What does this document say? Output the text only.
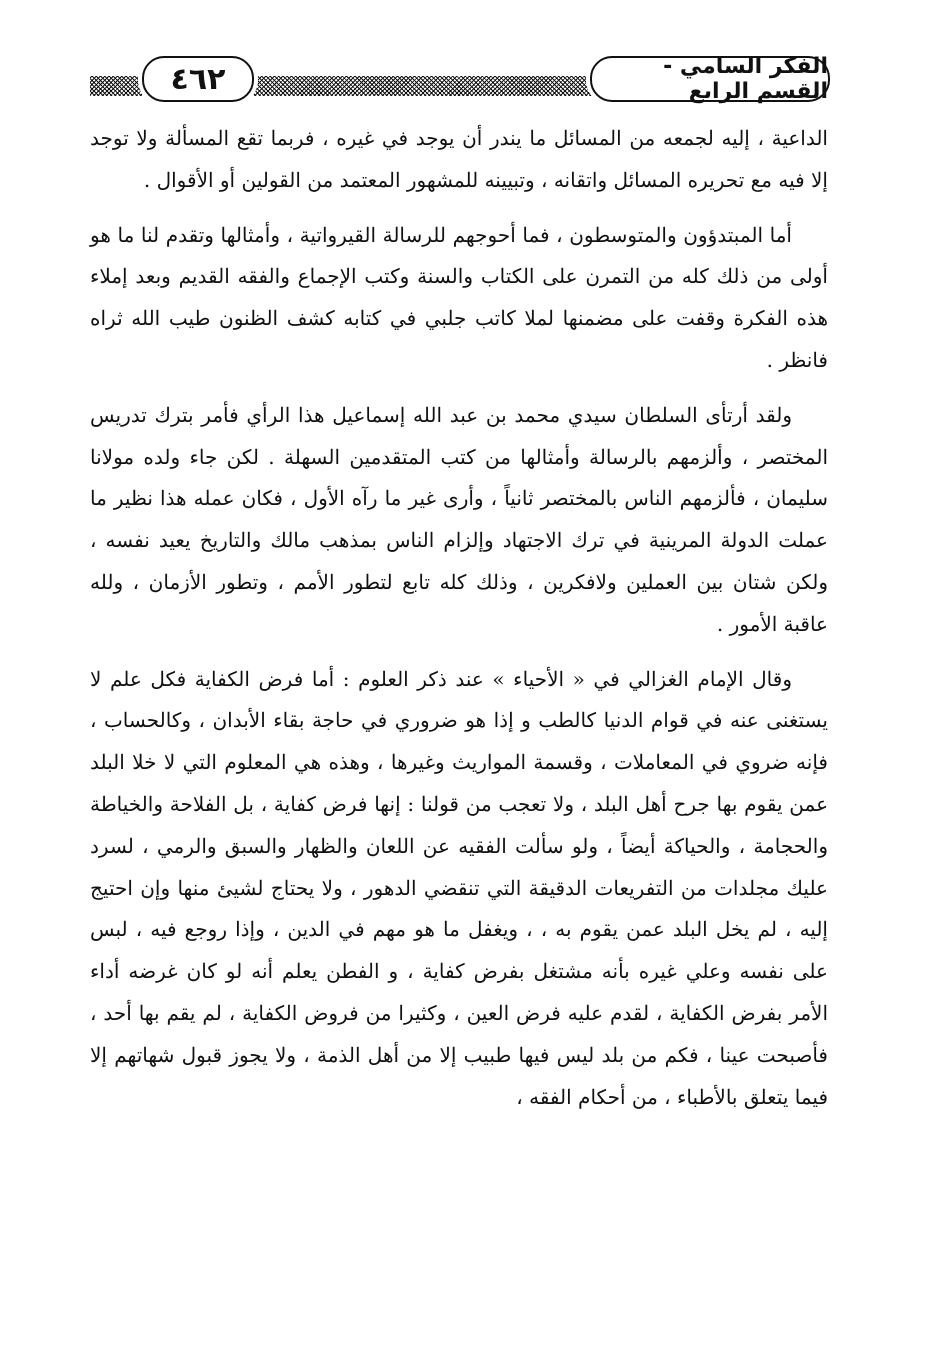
٤٦٢	الفكر السامي - القسم الرابع

الداعية ، إليه لجمعه من المسائل ما يندر أن يوجد في غيره ، فربما تقع المسألة ولا توجد إلا فيه مع تحريره المسائل واتقانه ، وتبيينه للمشهور المعتمد من القولين أو الأقوال .

أما المبتدؤون والمتوسطون ، فما أحوجهم للرسالة القيرواتية ، وأمثالها وتقدم لنا ما هو أولى من ذلك كله من التمرن على الكتاب والسنة وكتب الإجماع والفقه القديم وبعد إملاء هذه الفكرة وقفت على مضمنها لملا كاتب جلبي في كتابه كشف الظنون طيب الله ثراه فانظر .

ولقد أرتأى السلطان سيدي محمد بن عبد الله إسماعيل هذا الرأي فأمر بترك تدريس المختصر ، وألزمهم بالرسالة وأمثالها من كتب المتقدمين السهلة . لكن جاء ولده مولانا سليمان ، فألزمهم الناس بالمختصر ثانياً ، وأرى غير ما رآه الأول ، فكان عمله هذا نظير ما عملت الدولة المرينية في ترك الاجتهاد وإلزام الناس بمذهب مالك والتاريخ يعيد نفسه ، ولكن شتان بين العملين ولافكرين ، وذلك كله تابع لتطور الأمم ، وتطور الأزمان ، ولله عاقبة الأمور .

وقال الإمام الغزالي في « الأحياء » عند ذكر العلوم : أما فرض الكفاية فكل علم لا يستغنى عنه في قوام الدنيا كالطب و إذا هو ضروري في حاجة بقاء الأبدان ، وكالحساب ، فإنه ضروي في المعاملات ، وقسمة المواريث وغيرها ، وهذه هي المعلوم التي لا خلا البلد عمن يقوم بها جرح أهل البلد ، ولا تعجب من قولنا : إنها فرض كفاية ، بل الفلاحة والخياطة والحجامة ، والحياكة أيضاً ، ولو سألت الفقيه عن اللعان والظهار والسبق والرمي ، لسرد عليك مجلدات من التفريعات الدقيقة التي تنقضي الدهور ، ولا يحتاج لشيئ منها وإن احتيج إليه ، لم يخل البلد عمن يقوم به ، ، ويغفل ما هو مهم في الدين ، وإذا روجع فيه ، لبس على نفسه وعلي غيره بأنه مشتغل بفرض كفاية ، و الفطن يعلم أنه لو كان غرضه أداء الأمر بفرض الكفاية ، لقدم عليه فرض العين ، وكثيرا من فروض الكفاية ، لم يقم بها أحد ، فأصبحت عينا ، فكم من بلد ليس فيها طبيب إلا من أهل الذمة ، ولا يجوز قبول شهاتهم إلا فيما يتعلق بالأطباء ، من أحكام الفقه ،
